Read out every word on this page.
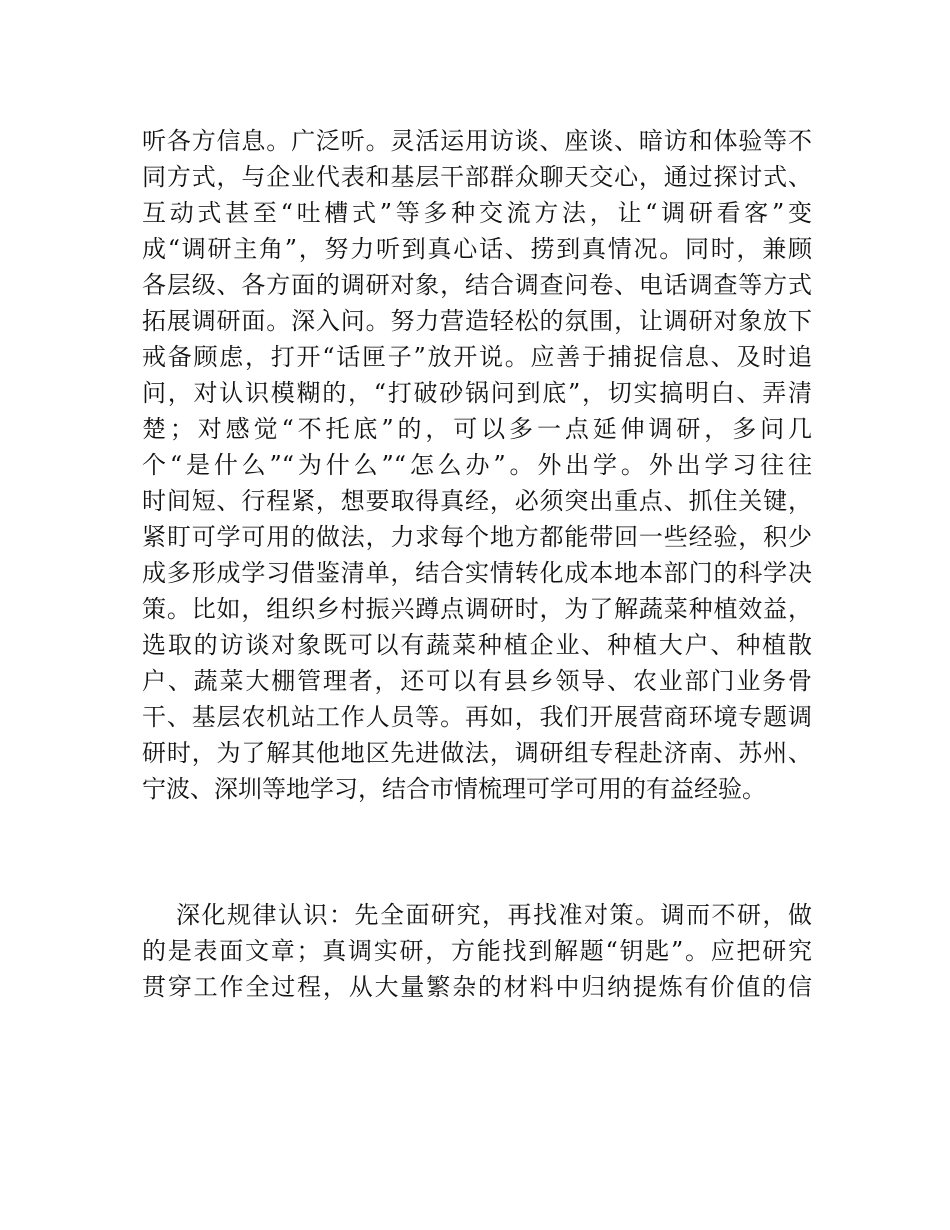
听各方信息。广泛听。灵活运用访谈、座谈、暗访和体验等不
同方式，与企业代表和基层干部群众聊天交心，通过探讨式、
互动式甚至“吐槽式”等多种交流方法，让“调研看客”变
成“调研主角”，努力听到真心话、捞到真情况。同时，兼顾
各层级、各方面的调研对象，结合调查问卷、电话调查等方式
拓展调研面。深入问。努力营造轻松的氛围，让调研对象放下
戒备顾虑，打开“话匣子”放开说。应善于捕捉信息、及时追
问，对认识模糊的，“打破砂锅问到底”，切实搞明白、弄清
楚；对感觉“不托底”的，可以多一点延伸调研，多问几
个“是什么”“为什么”“怎么办”。外出学。外出学习往往
时间短、行程紧，想要取得真经，必须突出重点、抓住关键，
紧盯可学可用的做法，力求每个地方都能带回一些经验，积少
成多形成学习借鉴清单，结合实情转化成本地本部门的科学决
策。比如，组织乡村振兴蹲点调研时，为了解蔬菜种植效益，
选取的访谈对象既可以有蔬菜种植企业、种植大户、种植散
户、蔬菜大棚管理者，还可以有县乡领导、农业部门业务骨
干、基层农机站工作人员等。再如，我们开展营商环境专题调
研时，为了解其他地区先进做法，调研组专程赴济南、苏州、
宁波、深圳等地学习，结合市情梳理可学可用的有益经验。
深化规律认识：先全面研究，再找准对策。调而不研，做
的是表面文章；真调实研，方能找到解题“钥匙”。应把研究
贯穿工作全过程，从大量繁杂的材料中归纳提炼有价值的信
